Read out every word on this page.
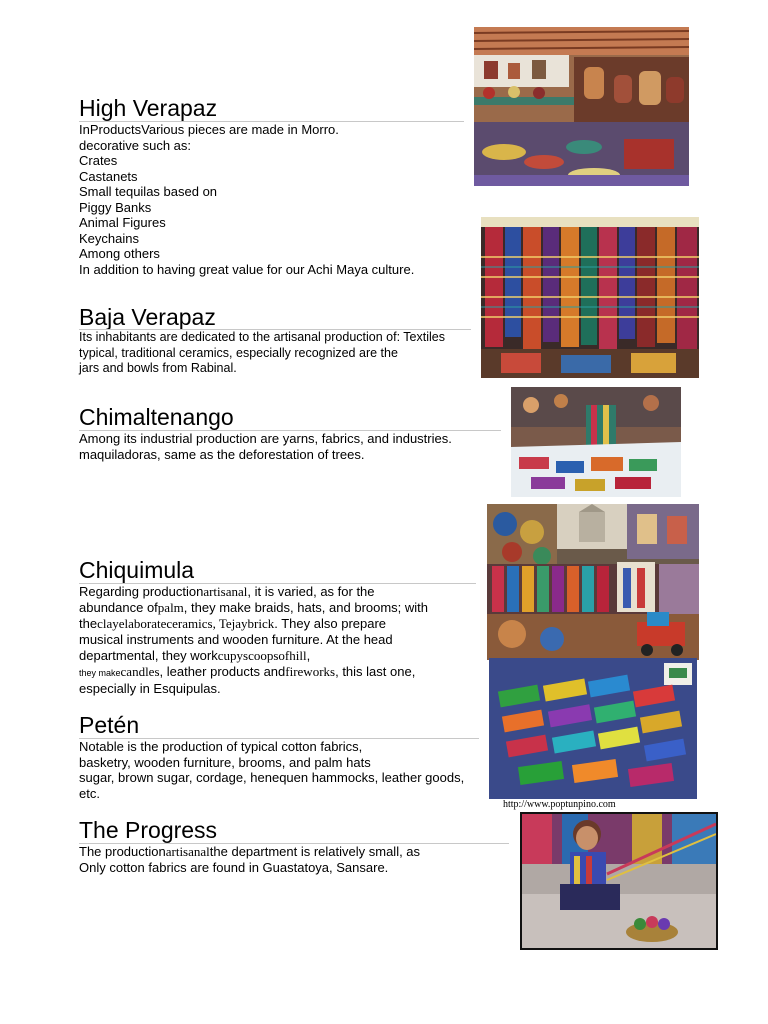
High Verapaz
InProductsVarious pieces are made in Morro.
decorative such as:
Crates
Castanets
Small tequilas based on
Piggy Banks
Animal Figures
Keychains
Among others
In addition to having great value for our Achi Maya culture.
Baja Verapaz
Its inhabitants are dedicated to the artisanal production of: Textiles
typical, traditional ceramics, especially recognized are the
jars and bowls from Rabinal.
Chimaltenango
Among its industrial production are yarns, fabrics, and industries.
maquiladoras, same as the deforestation of trees.
Chiquimula
Regarding productionartisanal, it is varied, as for the
abundance ofpalm, they make braids, hats, and brooms; with
theclayelaborateceramics, Tejaybrick. They also prepare
musical instruments and wooden furniture. At the head
departmental, they workcupyscoopsofhill,
they makecandles, leather products andfireworks, this last one,
especially in Esquipulas.
Petén
Notable is the production of typical cotton fabrics,
basketry, wooden furniture, brooms, and palm hats
sugar, brown sugar, cordage, henequen hammocks, leather goods,
etc.
http://www.poptunpino.com
The Progress
The productionartisanalthe department is relatively small, as
Only cotton fabrics are found in Guastatoya, Sansare.
